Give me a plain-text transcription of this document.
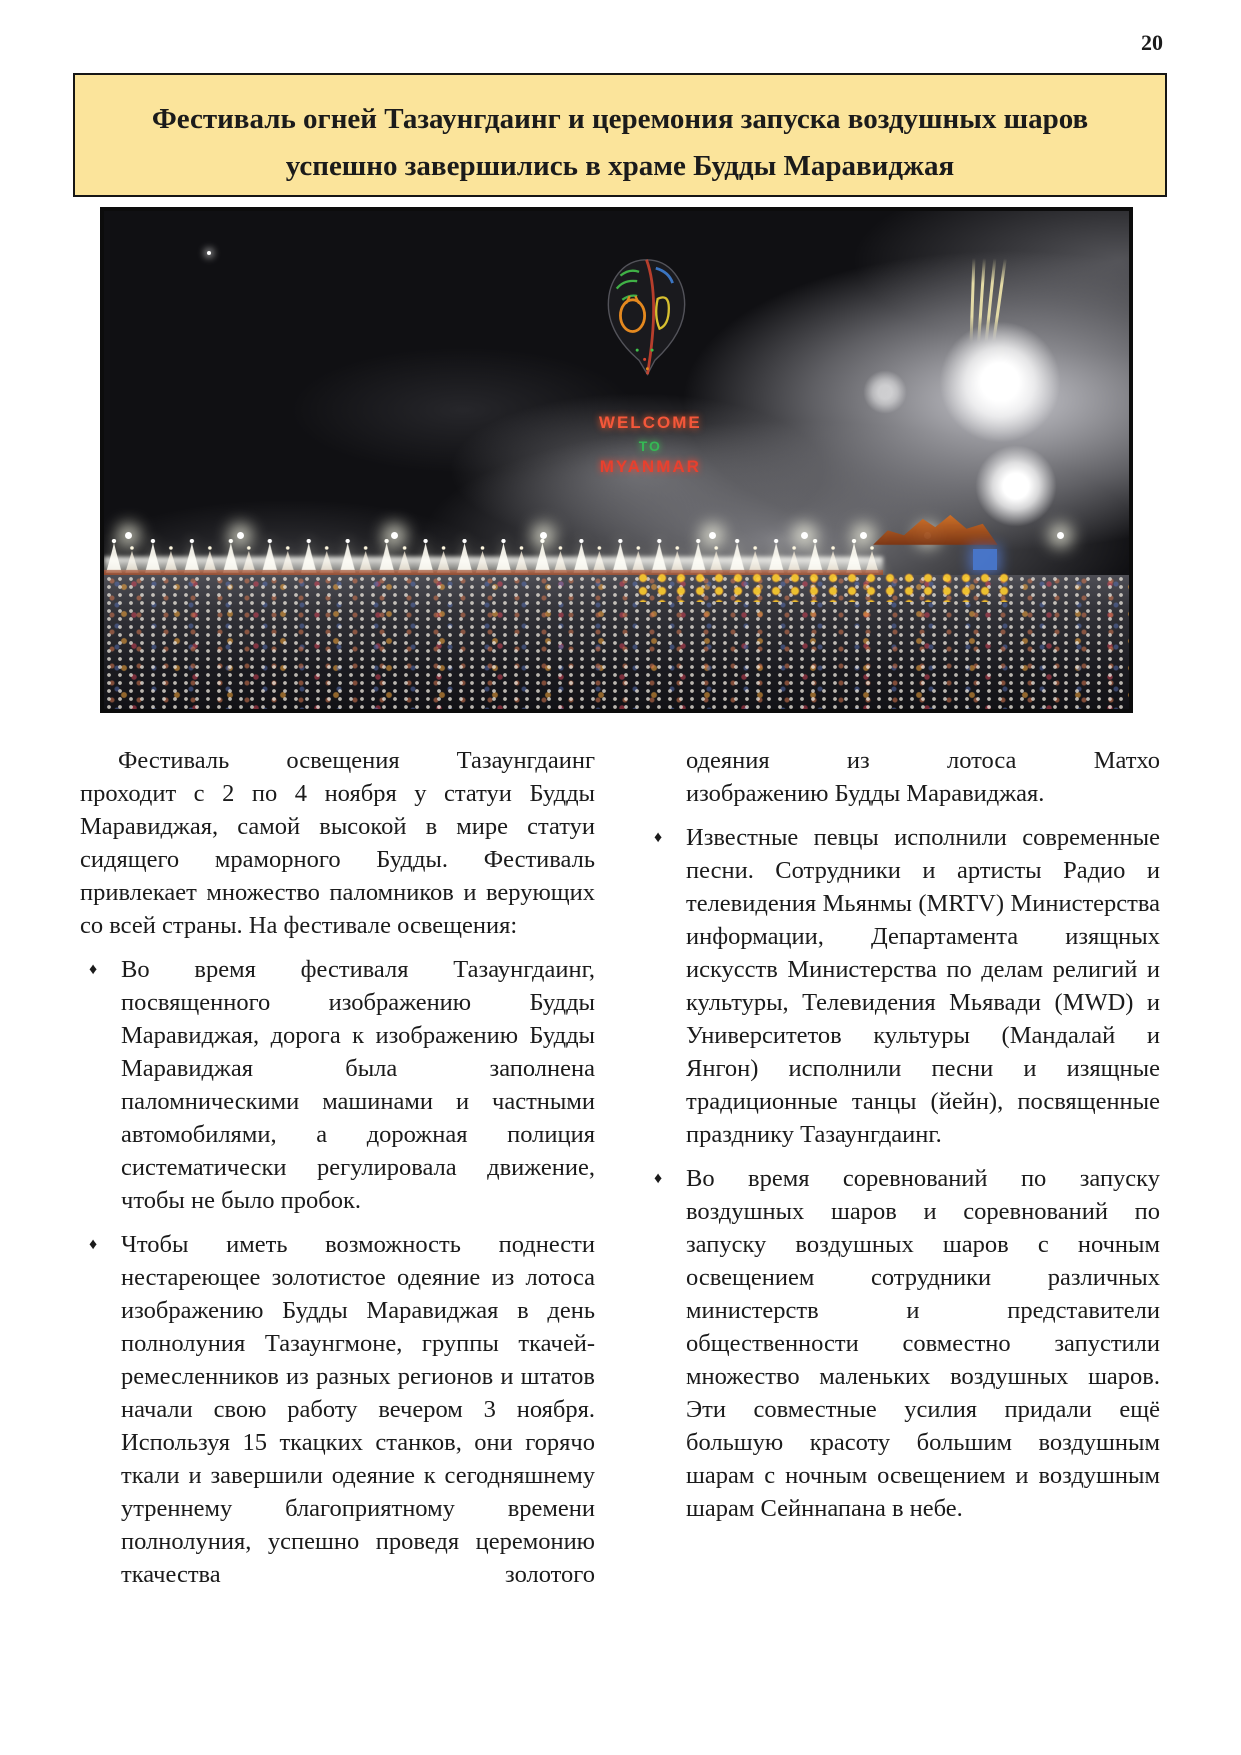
20
Фестиваль огней Тазаунгдаинг и церемония запуска воздушных шаров
успешно завершились в храме Будды Маравиджая
WELCOME
TO
MYANMAR

Фестиваль освещения Тазаунгдаинг проходит с 2 по 4 ноября у статуи Будды Маравиджая, самой высокой в мире статуи сидящего мраморного Будды. Фестиваль привлекает множество паломников и верующих со всей страны. На фестивале освещения:

♦ Во время фестиваля Тазаунгдаинг, посвященного изображению Будды Маравиджая, дорога к изображению Будды Маравиджая была заполнена паломническими машинами и частными автомобилями, а дорожная полиция систематически регулировала движение, чтобы не было пробок.

♦ Чтобы иметь возможность поднести нестареющее золотистое одеяние из лотоса изображению Будды Маравиджая в день полнолуния Тазаунгмоне, группы ткачей-ремесленников из разных регионов и штатов начали свою работу вечером 3 ноября. Используя 15 ткацких станков, они горячо ткали и завершили одеяние к сегодняшнему утреннему благоприятному времени полнолуния, успешно проведя церемонию ткачества золотого

одеяния из лотоса Матхо

изображению Будды Маравиджая.

♦ Известные певцы исполнили современные песни. Сотрудники и артисты Радио и телевидения Мьянмы (MRTV) Министерства информации, Департамента изящных искусств Министерства по делам религий и культуры, Телевидения Мьявади (MWD) и Университетов культуры (Мандалай и Янгон) исполнили песни и изящные традиционные танцы (йейн), посвященные празднику Тазаунгдаинг.

♦ Во время соревнований по запуску воздушных шаров и соревнований по запуску воздушных шаров с ночным освещением сотрудники различных министерств и представители общественности совместно запустили множество маленьких воздушных шаров. Эти совместные усилия придали ещё большую красоту большим воздушным шарам с ночным освещением и воздушным шарам Сейннапана в небе.
